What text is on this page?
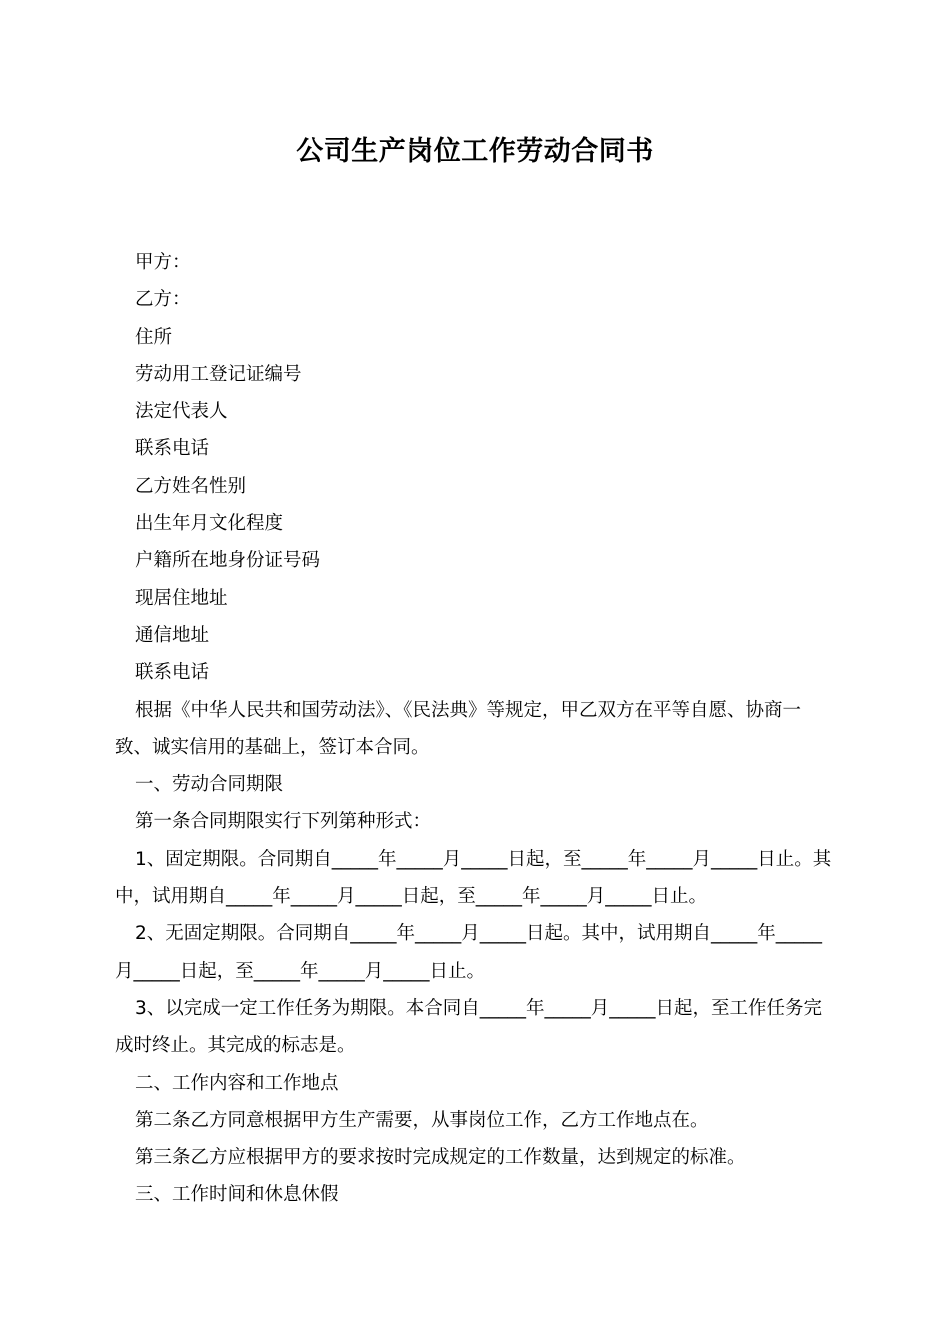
公司生产岗位工作劳动合同书

甲方：

乙方：

住所

劳动用工登记证编号

法定代表人

联系电话

乙方姓名性别

出生年月文化程度

户籍所在地身份证号码

现居住地址

通信地址

联系电话

根据《中华人民共和国劳动法》、《民法典》等规定，甲乙双方在平等自愿、协商一致、诚实信用的基础上，签订本合同。

一、劳动合同期限

第一条合同期限实行下列第种形式：

1、固定期限。合同期自_____年_____月_____日起，至_____年_____月_____日止。其中，试用期自_____年_____月_____日起，至_____年_____月_____日止。

2、无固定期限。合同期自_____年_____月_____日起。其中，试用期自_____年_____月_____日起，至_____年_____月_____日止。

3、以完成一定工作任务为期限。本合同自_____年_____月_____日起，至工作任务完成时终止。其完成的标志是。

二、工作内容和工作地点

第二条乙方同意根据甲方生产需要，从事岗位工作，乙方工作地点在。

第三条乙方应根据甲方的要求按时完成规定的工作数量，达到规定的标准。

三、工作时间和休息休假
